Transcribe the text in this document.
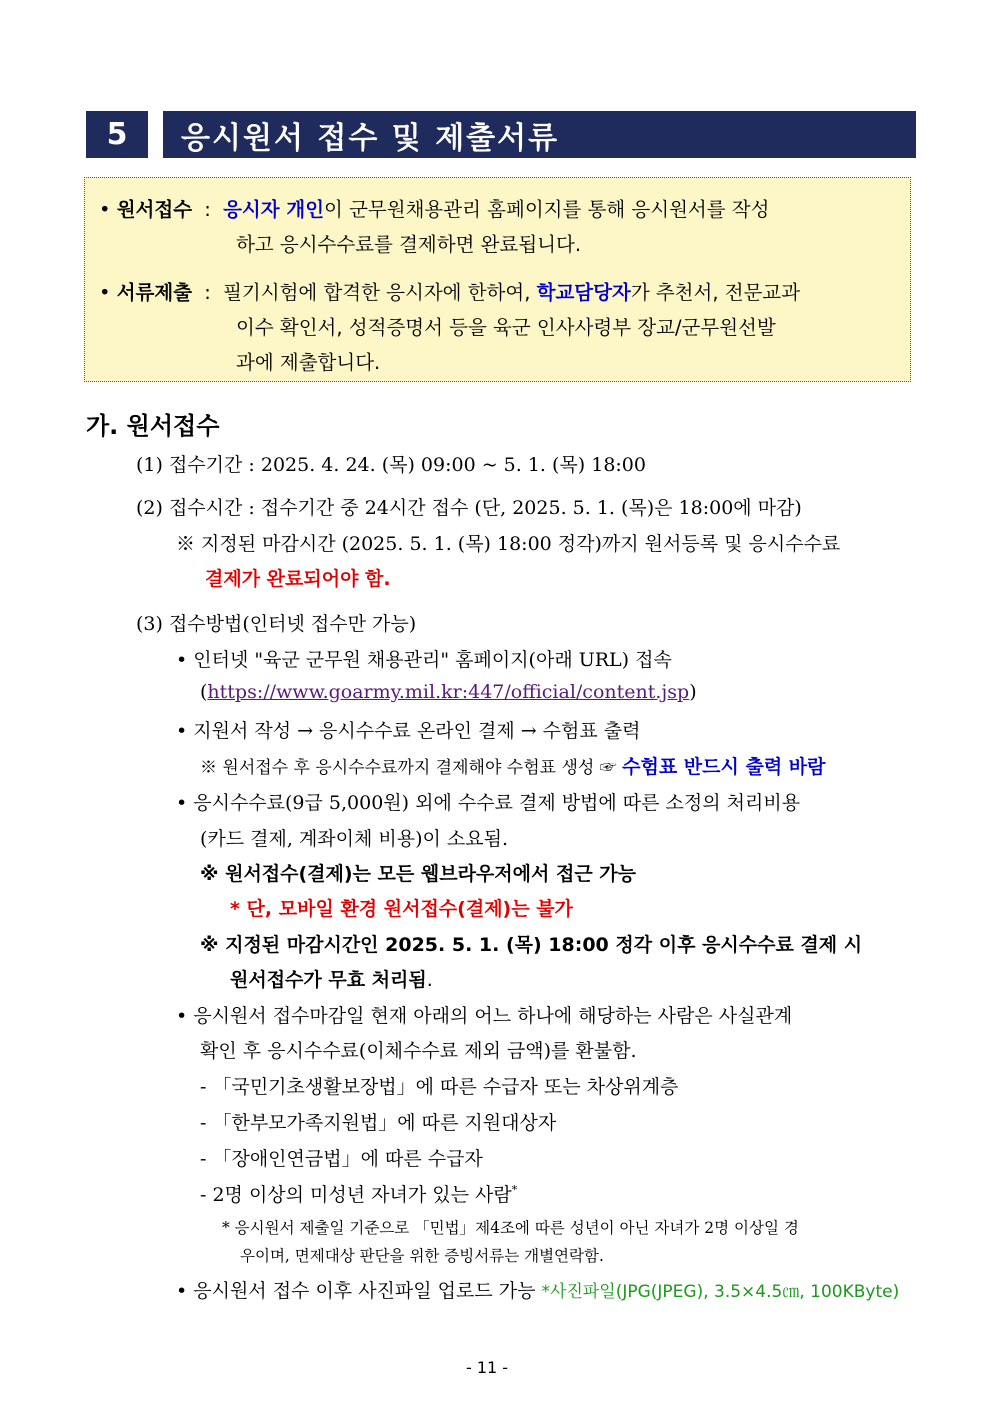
5	응시원서 접수 및 제출서류
• 원서접수 : 응시자 개인이 군무원채용관리 홈페이지를 통해 응시원서를 작성
하고 응시수수료를 결제하면 완료됩니다.
• 서류제출 : 필기시험에 합격한 응시자에 한하여, 학교담당자가 추천서, 전문교과
이수 확인서, 성적증명서 등을 육군 인사사령부 장교/군무원선발
과에 제출합니다.
가. 원서접수
(1) 접수기간 : 2025. 4. 24. (목) 09:00 ~ 5. 1. (목) 18:00
(2) 접수시간 : 접수기간 중 24시간 접수 (단, 2025. 5. 1. (목)은 18:00에 마감)
※ 지정된 마감시간 (2025. 5. 1. (목) 18:00 정각)까지 원서등록 및 응시수수료
결제가 완료되어야 함.
(3) 접수방법(인터넷 접수만 가능)
• 인터넷 "육군 군무원 채용관리" 홈페이지(아래 URL) 접속
(https://www.goarmy.mil.kr:447/official/content.jsp)
• 지원서 작성 → 응시수수료 온라인 결제 → 수험표 출력
※ 원서접수 후 응시수수료까지 결제해야 수험표 생성 ☞ 수험표 반드시 출력 바람
• 응시수수료(9급 5,000원) 외에 수수료 결제 방법에 따른 소정의 처리비용
(카드 결제, 계좌이체 비용)이 소요됨.
※ 원서접수(결제)는 모든 웹브라우저에서 접근 가능
* 단, 모바일 환경 원서접수(결제)는 불가
※ 지정된 마감시간인 2025. 5. 1. (목) 18:00 정각 이후 응시수수료 결제 시
원서접수가 무효 처리됨.
• 응시원서 접수마감일 현재 아래의 어느 하나에 해당하는 사람은 사실관계
확인 후 응시수수료(이체수수료 제외 금액)를 환불함.
- 「국민기초생활보장법」에 따른 수급자 또는 차상위계층
- 「한부모가족지원법」에 따른 지원대상자
- 「장애인연금법」에 따른 수급자
- 2명 이상의 미성년 자녀가 있는 사람*
* 응시원서 제출일 기준으로 「민법」제4조에 따른 성년이 아닌 자녀가 2명 이상일 경
우이며, 면제대상 판단을 위한 증빙서류는 개별연락함.
• 응시원서 접수 이후 사진파일 업로드 가능 *사진파일(JPG(JPEG), 3.5×4.5㎝, 100KByte)
- 11 -
